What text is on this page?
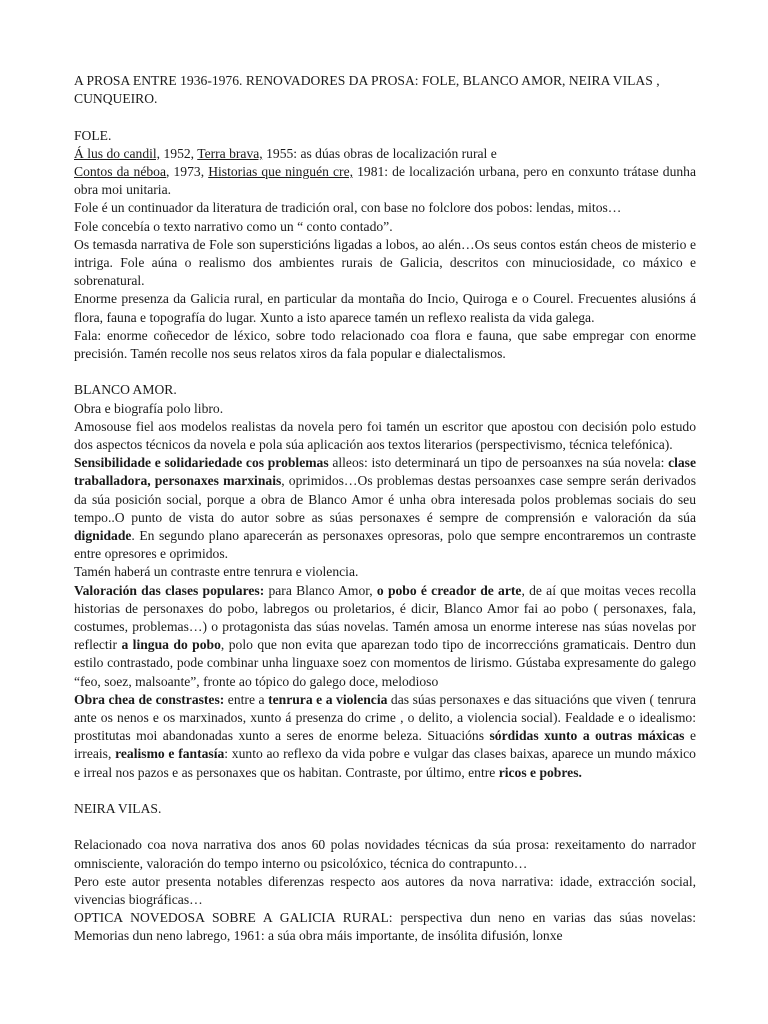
A PROSA ENTRE 1936-1976. RENOVADORES DA PROSA: FOLE, BLANCO AMOR, NEIRA VILAS , CUNQUEIRO.

FOLE.

Á lus do candil, 1952, Terra brava, 1955: as dúas obras de localización rural e

Contos da néboa, 1973, Historias que ninguén cre, 1981: de localización urbana, pero en conxunto trátase dunha obra moi unitaria.

Fole é un continuador da literatura de tradición oral, con base no folclore dos pobos: lendas, mitos…

Fole concebía o texto narrativo como un “ conto contado”.

Os temasda narrativa de Fole son supersticións ligadas a lobos, ao alén…Os seus contos están cheos de misterio e intriga. Fole aúna o realismo dos ambientes rurais de Galicia, descritos con minuciosidade, co máxico e sobrenatural.

Enorme presenza da Galicia rural, en particular da montaña do Incio, Quiroga e o Courel. Frecuentes alusións á flora, fauna e topografía do lugar. Xunto a isto aparece tamén un reflexo realista da vida galega.

Fala: enorme coñecedor de léxico, sobre todo relacionado coa flora e fauna, que sabe empregar con enorme precisión. Tamén recolle nos seus relatos xiros da fala popular e dialectalismos.

BLANCO AMOR.

Obra e biografía polo libro.

Amosouse fiel aos modelos realistas da novela pero foi tamén un escritor que apostou con decisión polo estudo dos aspectos técnicos da novela e pola súa aplicación aos textos literarios (perspectivismo, técnica telefónica).

Sensibilidade e solidariedade cos problemas alleos: isto determinará un tipo de persoanxes na súa novela: clase traballadora, personaxes marxinais, oprimidos…Os problemas destas persoanxes case sempre serán derivados da súa posición social, porque a obra de Blanco Amor é unha obra interesada polos problemas sociais do seu tempo..O punto de vista do autor sobre as súas personaxes é sempre de comprensión e valoración da súa dignidade. En segundo plano aparecerán as personaxes opresoras, polo que sempre encontraremos un contraste entre opresores e oprimidos.

Tamén haberá un contraste entre tenrura e violencia.

Valoración das clases populares: para Blanco Amor, o pobo é creador de arte, de aí que moitas veces recolla historias de personaxes do pobo, labregos ou proletarios, é dicir, Blanco Amor fai ao pobo ( personaxes, fala, costumes, problemas…) o protagonista das súas novelas. Tamén amosa un enorme interese nas súas novelas por reflectir a lingua do pobo, polo que non evita que aparezan todo tipo de incorreccións gramaticais. Dentro dun estilo contrastado, pode combinar unha linguaxe soez con momentos de lirismo. Gústaba expresamente do galego “feo, soez, malsoante”, fronte ao tópico do galego doce, melodioso

Obra chea de constrastes: entre a tenrura e a violencia das súas personaxes e das situacións que viven ( tenrura ante os nenos e os marxinados, xunto á presenza do crime , o delito, a violencia social). Fealdade e o idealismo: prostitutas moi abandonadas xunto a seres de enorme beleza. Situacións sórdidas xunto a outras máxicas e irreais, realismo e fantasía: xunto ao reflexo da vida pobre e vulgar das clases baixas, aparece un mundo máxico e irreal nos pazos e as personaxes que os habitan. Contraste, por último, entre ricos e pobres.

NEIRA VILAS.

Relacionado coa nova narrativa dos anos 60 polas novidades técnicas da súa prosa: rexeitamento do narrador omnisciente, valoración do tempo interno ou psicolóxico, técnica do contrapunto…

Pero este autor presenta notables diferenzas respecto aos autores da nova narrativa: idade, extracción social, vivencias biográficas…

OPTICA NOVEDOSA SOBRE A GALICIA RURAL: perspectiva dun neno en varias das súas novelas: Memorias dun neno labrego, 1961: a súa obra máis importante, de insólita difusión, lonxe
